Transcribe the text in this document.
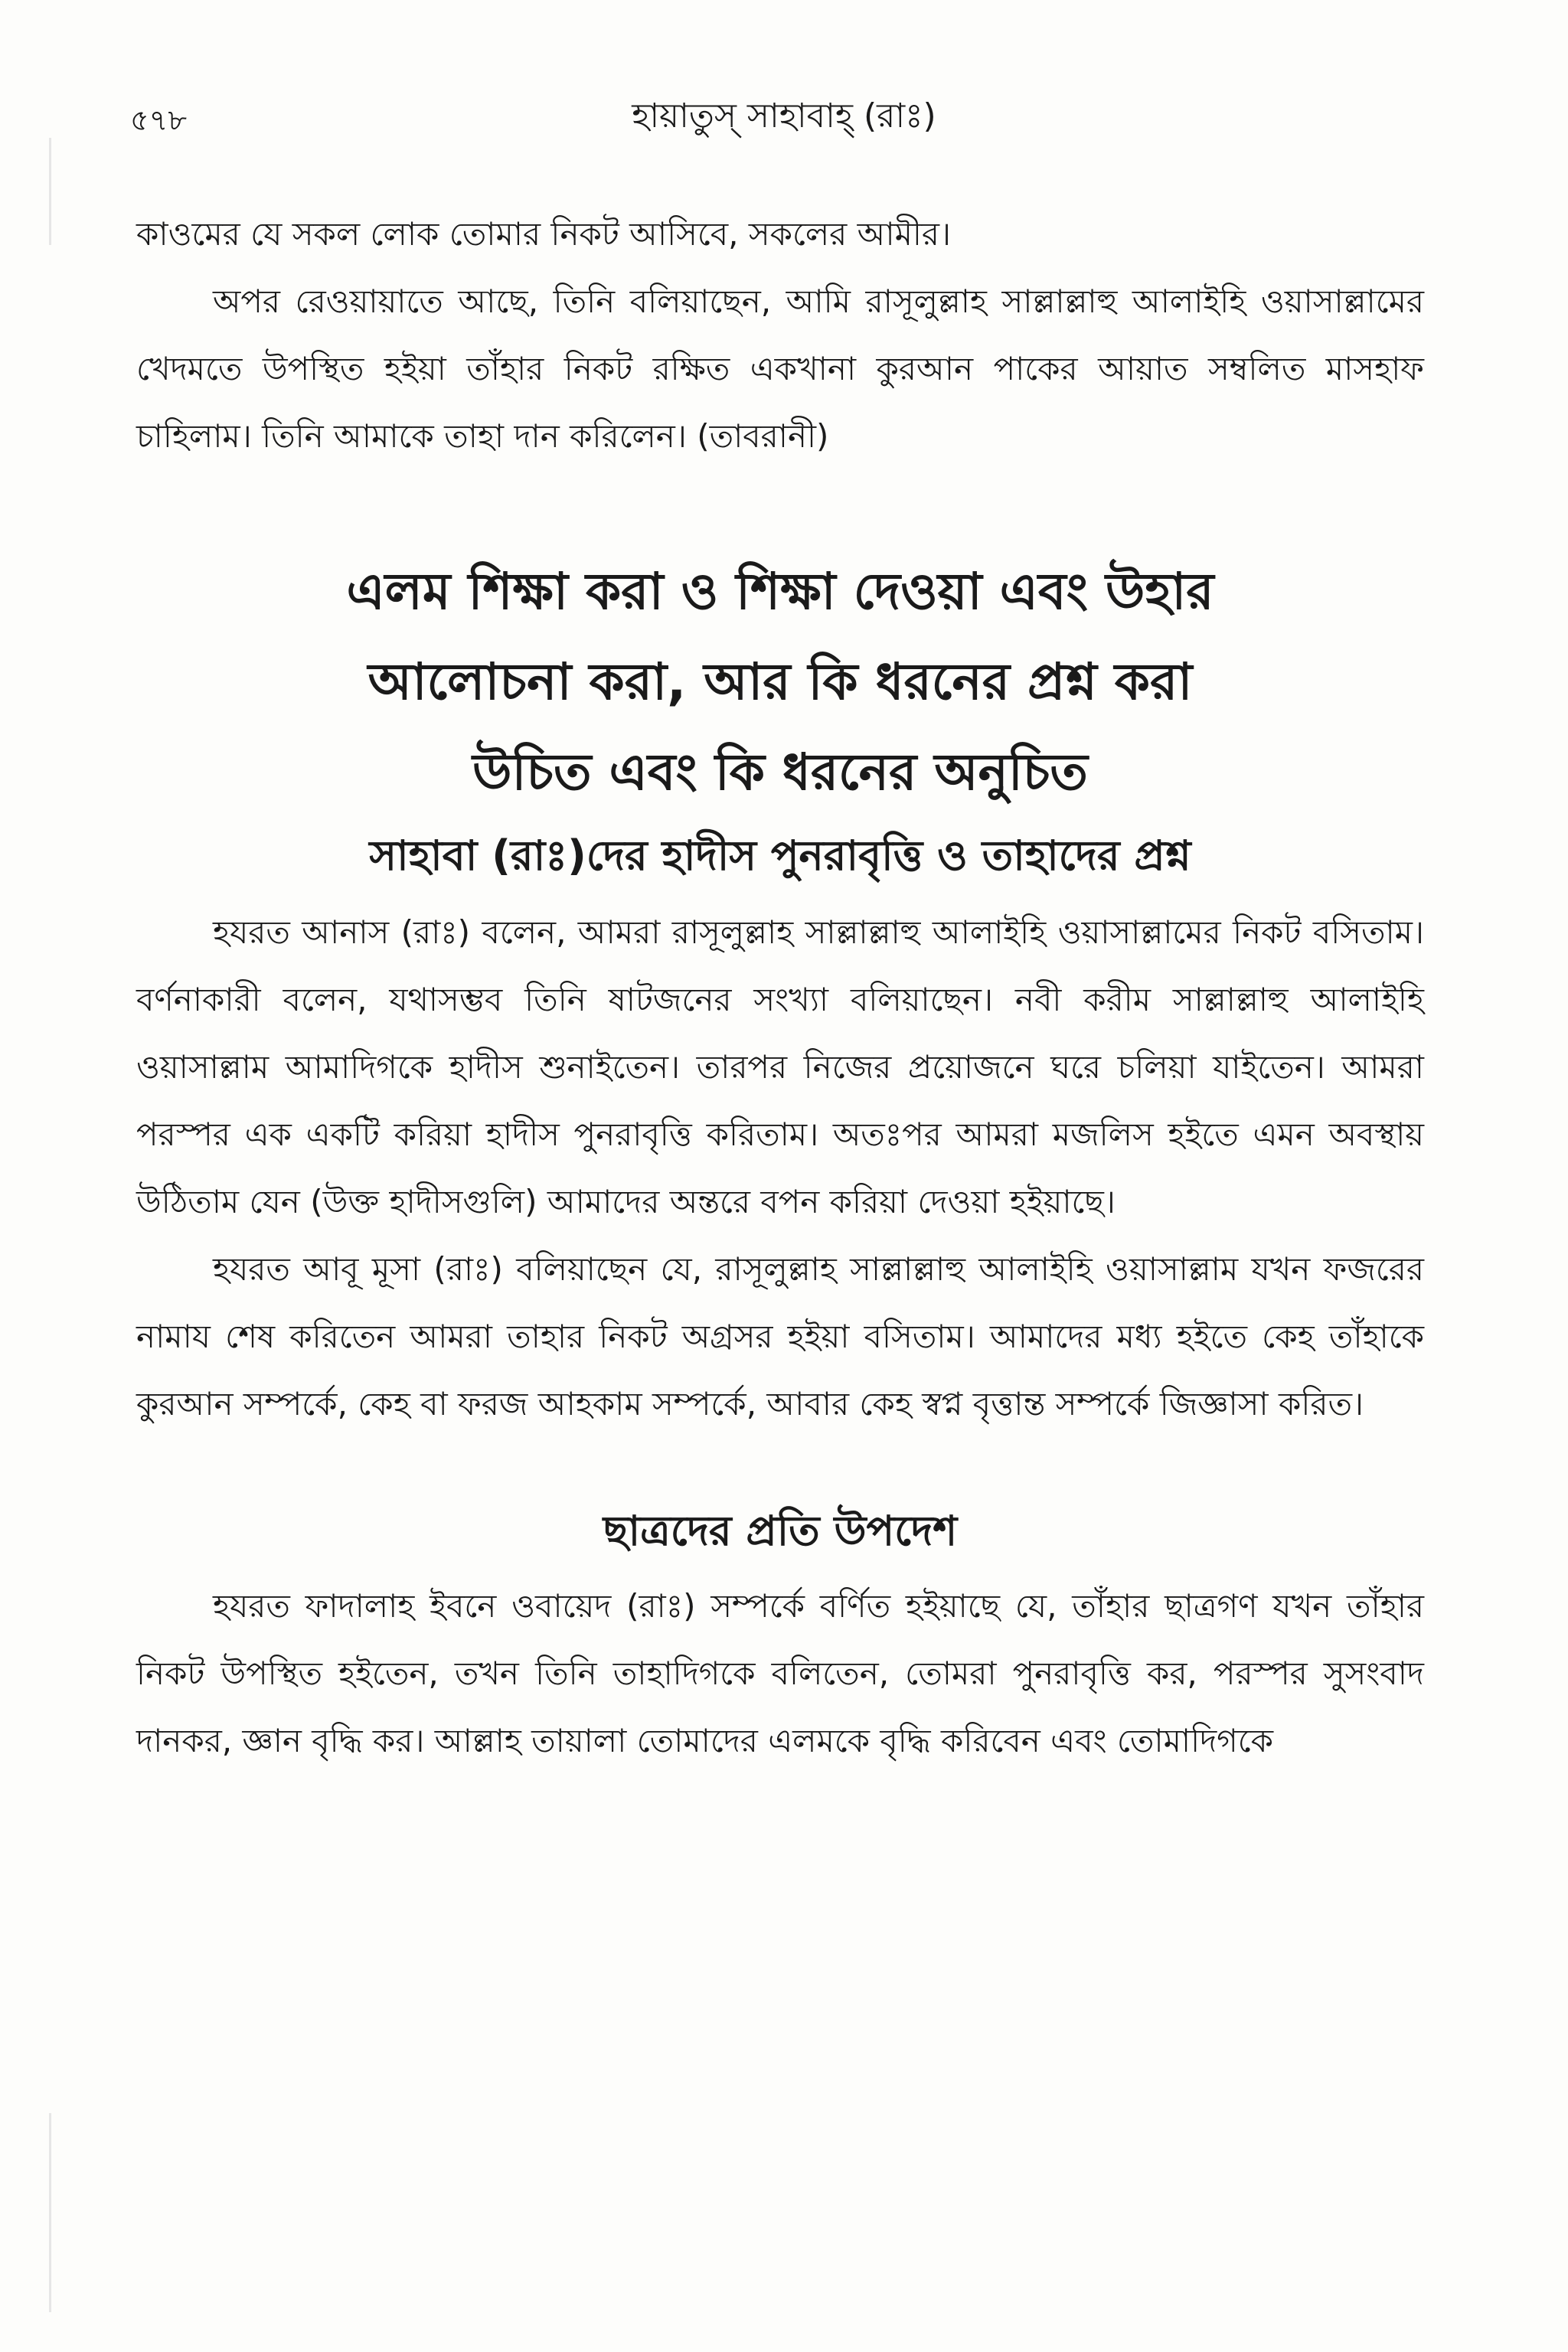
৫৭৮	হায়াতুস্ সাহাবাহ্ (রাঃ)

কাওমের যে সকল লোক তোমার নিকট আসিবে, সকলের আমীর।

অপর রেওয়ায়াতে আছে, তিনি বলিয়াছেন, আমি রাসূলুল্লাহ সাল্লাল্লাহু আলাইহি ওয়াসাল্লামের খেদমতে উপস্থিত হইয়া তাঁহার নিকট রক্ষিত একখানা কুরআন পাকের আয়াত সম্বলিত মাসহাফ চাহিলাম। তিনি আমাকে তাহা দান করিলেন। (তাবরানী)

এলম শিক্ষা করা ও শিক্ষা দেওয়া এবং উহার
আলোচনা করা, আর কি ধরনের প্রশ্ন করা
উচিত এবং কি ধরনের অনুচিত
সাহাবা (রাঃ)দের হাদীস পুনরাবৃত্তি ও তাহাদের প্রশ্ন

হযরত আনাস (রাঃ) বলেন, আমরা রাসূলুল্লাহ সাল্লাল্লাহু আলাইহি ওয়াসাল্লামের নিকট বসিতাম। বর্ণনাকারী বলেন, যথাসম্ভব তিনি ষাটজনের সংখ্যা বলিয়াছেন। নবী করীম সাল্লাল্লাহু আলাইহি ওয়াসাল্লাম আমাদিগকে হাদীস শুনাইতেন। তারপর নিজের প্রয়োজনে ঘরে চলিয়া যাইতেন। আমরা পরস্পর এক একটি করিয়া হাদীস পুনরাবৃত্তি করিতাম। অতঃপর আমরা মজলিস হইতে এমন অবস্থায় উঠিতাম যেন (উক্ত হাদীসগুলি) আমাদের অন্তরে বপন করিয়া দেওয়া হইয়াছে।

হযরত আবূ মূসা (রাঃ) বলিয়াছেন যে, রাসূলুল্লাহ সাল্লাল্লাহু আলাইহি ওয়াসাল্লাম যখন ফজরের নামায শেষ করিতেন আমরা তাহার নিকট অগ্রসর হইয়া বসিতাম। আমাদের মধ্য হইতে কেহ তাঁহাকে কুরআন সম্পর্কে, কেহ বা ফরজ আহকাম সম্পর্কে, আবার কেহ স্বপ্ন বৃত্তান্ত সম্পর্কে জিজ্ঞাসা করিত।

ছাত্রদের প্রতি উপদেশ

হযরত ফাদালাহ ইবনে ওবায়েদ (রাঃ) সম্পর্কে বর্ণিত হইয়াছে যে, তাঁহার ছাত্রগণ যখন তাঁহার নিকট উপস্থিত হইতেন, তখন তিনি তাহাদিগকে বলিতেন, তোমরা পুনরাবৃত্তি কর, পরস্পর সুসংবাদ দানকর, জ্ঞান বৃদ্ধি কর। আল্লাহ তায়ালা তোমাদের এলমকে বৃদ্ধি করিবেন এবং তোমাদিগকে
